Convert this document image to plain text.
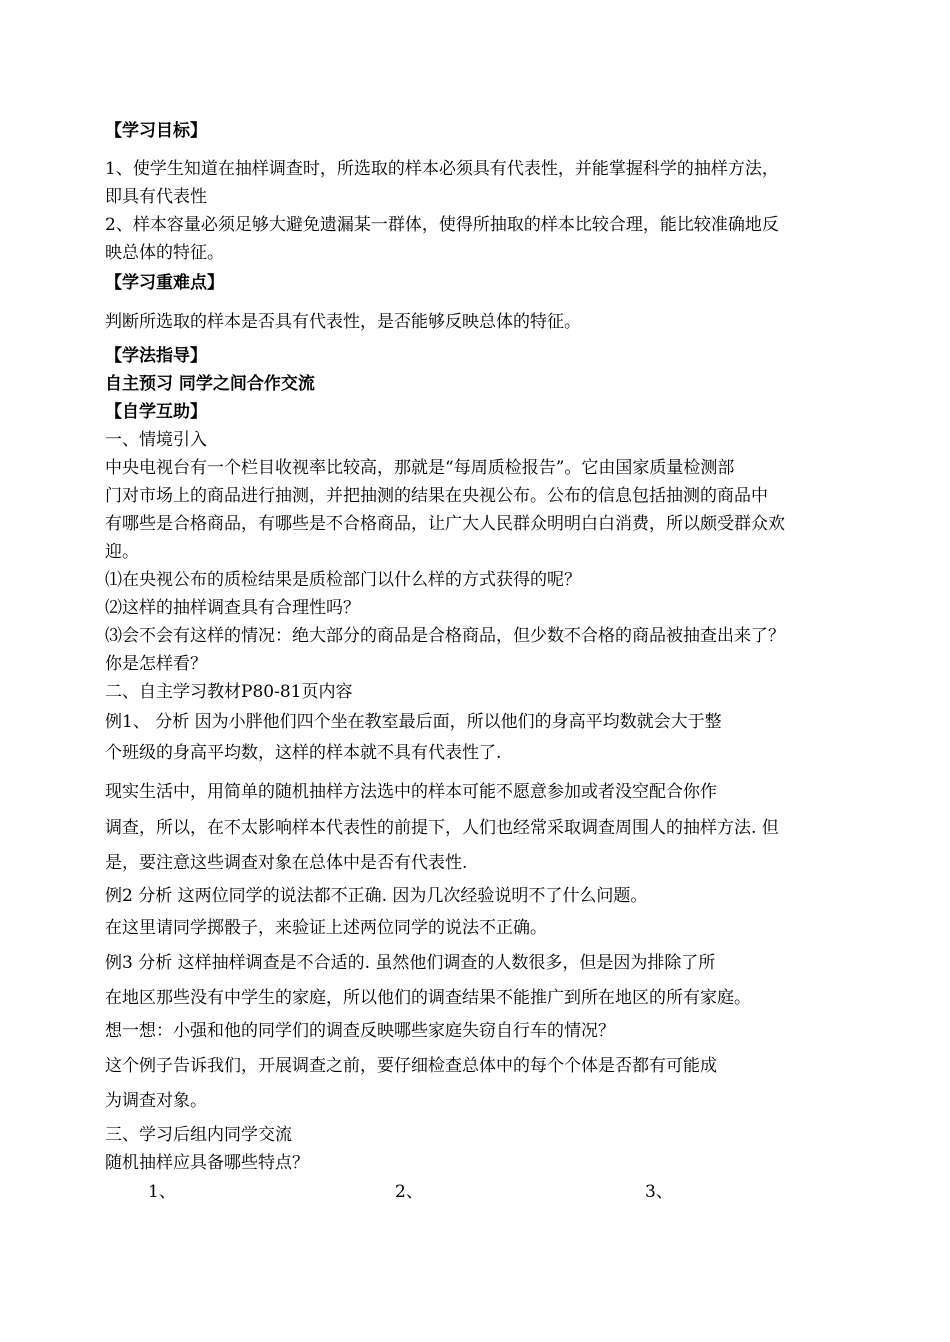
【学习目标】
1、使学生知道在抽样调查时，所选取的样本必须具有代表性，并能掌握科学的抽样方法，
即具有代表性
2、样本容量必须足够大避免遗漏某一群体，使得所抽取的样本比较合理，能比较准确地反
映总体的特征。
【学习重难点】
判断所选取的样本是否具有代表性，是否能够反映总体的特征。
【学法指导】
自主预习 同学之间合作交流
【自学互助】
一、情境引入
中央电视台有一个栏目收视率比较高，那就是“每周质检报告”。它由国家质量检测部
门对市场上的商品进行抽测，并把抽测的结果在央视公布。公布的信息包括抽测的商品中
有哪些是合格商品，有哪些是不合格商品，让广大人民群众明明白白消费，所以颇受群众欢
迎。
⑴在央视公布的质检结果是质检部门以什么样的方式获得的呢？
⑵这样的抽样调查具有合理性吗？
⑶会不会有这样的情况：绝大部分的商品是合格商品，但少数不合格的商品被抽查出来了？
你是怎样看？
二、自主学习教材P80-81页内容
例1、 分析 因为小胖他们四个坐在教室最后面，所以他们的身高平均数就会大于整
个班级的身高平均数，这样的样本就不具有代表性了.
现实生活中，用简单的随机抽样方法选中的样本可能不愿意参加或者没空配合你作
调查，所以，在不太影响样本代表性的前提下，人们也经常采取调查周围人的抽样方法. 但
是，要注意这些调查对象在总体中是否有代表性.
例2 分析 这两位同学的说法都不正确. 因为几次经验说明不了什么问题。
在这里请同学掷骰子，来验证上述两位同学的说法不正确。
例3 分析 这样抽样调查是不合适的. 虽然他们调查的人数很多，但是因为排除了所
在地区那些没有中学生的家庭，所以他们的调查结果不能推广到所在地区的所有家庭。
想一想：小强和他的同学们的调查反映哪些家庭失窃自行车的情况？
这个例子告诉我们，开展调查之前，要仔细检查总体中的每个个体是否都有可能成
为调查对象。
三、学习后组内同学交流
随机抽样应具备哪些特点？
1、	2、	3、
